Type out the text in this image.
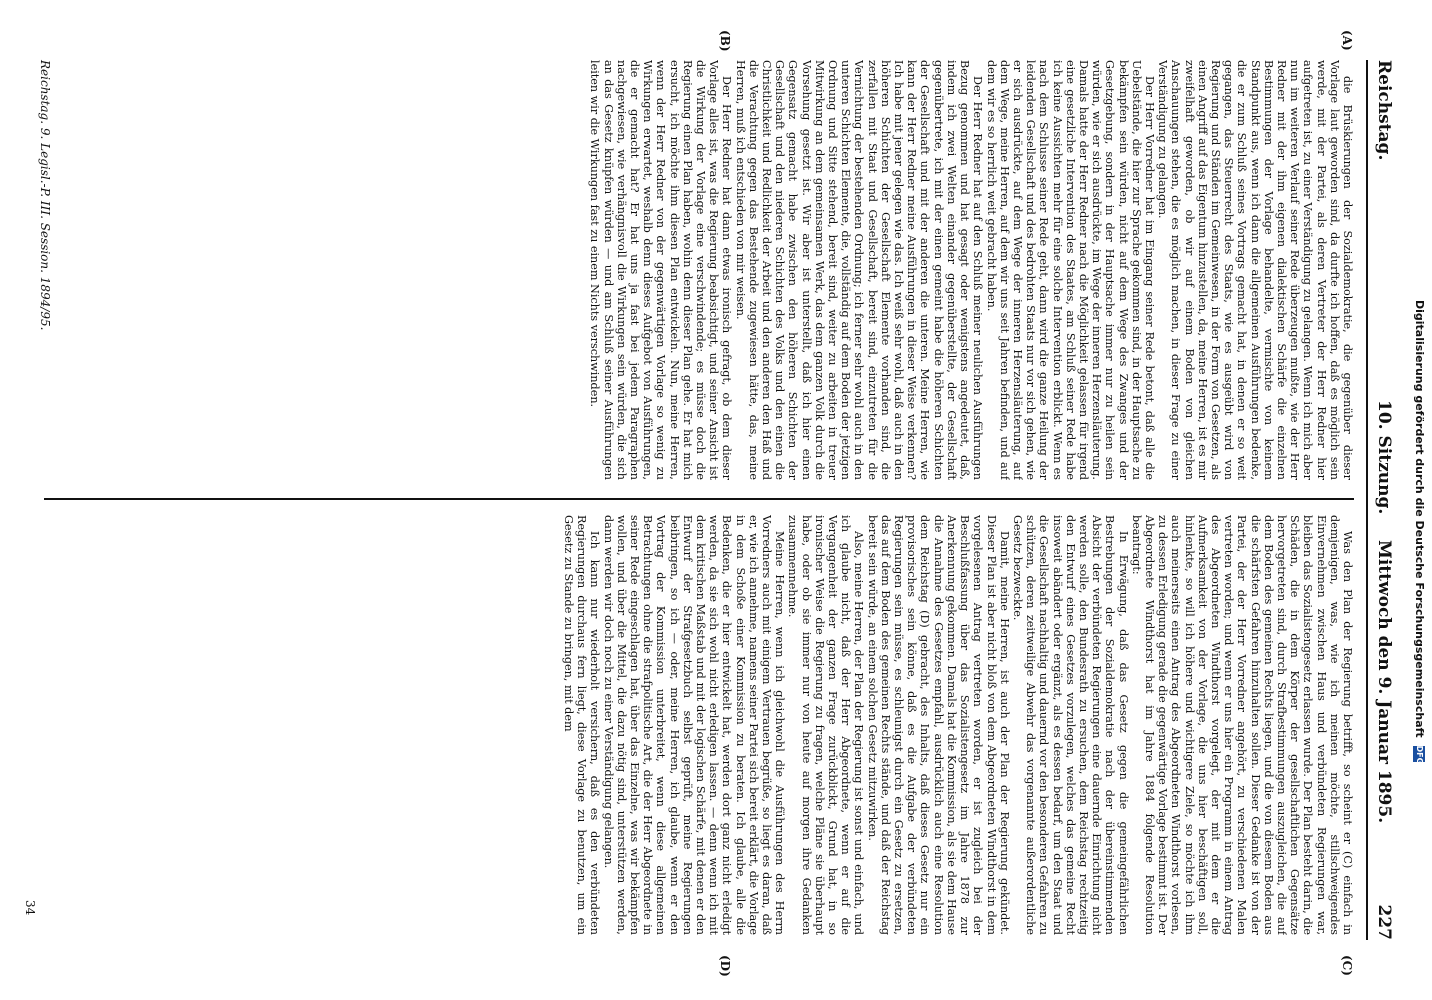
Reichstag.
10. Sitzung.
Mittwoch den 9. Januar 1895.
227
(A)
(B)
(C)
(D)

die Brüskierungen der Sozialdemokratie, die gegenüber dieser Vorlage laut geworden sind, da durfte ich hoffen, daß es möglich sein werde, mit der Partei, als deren Vertreter der Herr Redner hier aufgetreten ist, zu einer Verständigung zu gelangen. Wenn ich mich aber nun im weiteren Verlauf seiner Rede überzeugen mußte, wie der Herr Redner mit der ihm eigenen dialektischen Schärfe die einzelnen Bestimmungen der Vorlage behandelte, vermischte von keinem Standpunkt aus, wenn ich dann die allgemeinen Ausführungen bedenke, die er zum Schluß seines Vortrags gemacht hat, in denen er so weit gegangen, das Steuerrecht des Staats, wie es ausgeübt wird von Regierung und Ständen im Gemeinwesen, in der Form von Gesetzen, als einen Angriff auf das Eigentum hinzustellen, da, meine Herren, ist es mir zweifelhaft geworden, ob wir auf einem Boden von gleichen Anschauungen stehen, die es möglich machen, in dieser Frage zu einer Verständigung zu gelangen.

Der Herr Vorredner hat im Eingang seiner Rede betont, daß alle die Uebelstände, die hier zur Sprache gekommen sind, in der Hauptsache zu bekämpfen sein würden, nicht auf dem Wege des Zwanges und der Gesetzgebung, sondern in der Hauptsache immer nur zu heilen sein würden, wie er sich ausdrückte, im Wege der inneren Herzensläuterung. Damals hatte der Herr Redner nach die Möglichkeit gelassen für irgend eine gesetzliche Intervention des Staates, am Schluß seiner Rede habe ich keine Aussichten mehr für eine solche Intervention erblickt. Wenn es nach dem Schlusse seiner Rede geht, dann wird die ganze Heilung der leidenden Gesellschaft und des bedrohten Staats nur vor sich gehen, wie er sich ausdrückte, auf dem Wege der inneren Herzensläuterung, auf dem Wege, meine Herren, auf dem wir uns seit Jahren befinden, und auf dem wir es so herrlich weit gebracht haben.

Der Herr Redner hat auf den Schluß meiner neulichen Ausführungen Bezug genommen und hat gesagt oder wenigstens angedeutet, daß, indem ich zwei Welten einander gegenüberstellte, der Gesellschaft gegenübertrete, ich mit der einen gemeint habe die höheren Schichten der Gesellschaft und mit der anderen die unteren. Meine Herren, wie kann der Herr Redner meine Ausführungen in dieser Weise verkennen? Ich habe mit jener gelegen wie das. Ich weiß sehr wohl, daß auch in den höheren Schichten der Gesellschaft Elemente vorhanden sind, die zerfallen mit Staat und Gesellschaft, bereit sind, einzutreten für die Vernichtung der bestehenden Ordnung; ich ferner sehr wohl auch in den unteren Schichten Elemente, die, vollständig auf dem Boden der jetzigen Ordnung und Sitte stehend, bereit sind, weiter zu arbeiten in treuer Mitwirkung an dem gemeinsamen Werk, das dem ganzen Volk durch die Vorsehung gesetzt ist. Wir aber ist unterstellt, daß ich hier einen Gegensatz gemacht habe zwischen den höheren Schichten der Gesellschaft und den niederen Schichten des Volks und den einen die Christlichkeit und Redlichkeit der Arbeit und den anderen den Haß und die Verachtung gegen das Bestehende zugewiesen hätte, das, meine Herren, muß ich entschieden von mir weisen.

Der Herr Redner hat dann etwas ironisch gefragt, ob dem dieser Vorlage alles ist, was die Regierung beabsichtigt, und seiner Ansicht ist die Wirkung der Vorlage eine verschwindende; es müsse doch die Regierung einen Plan haben, wohin denn dieser Plan gehe. Er hat mich ersucht, ich möchte ihm diesen Plan entwickeln. Nun, meine Herren, wenn der Herr Redner von der gegenwärtigen Vorlage so wenig zu Wirkungen erwartet, weshalb denn dieses Aufgebot von Ausführungen, die er gemacht hat? Er hat uns ja fast bei jedem Paragraphen nachgewiesen, wie verhängnisvoll die Wirkungen sein würden, die sich an das Gesetz knüpfen würden — und am Schluß seiner Ausführungen leiten wir die Wirkungen fast zu einem Nichts verschwinden.

Was den Plan der Regierung betrifft, so scheint er (C) einfach in demjenigen, was, wie ich meinen möchte, stillschweigendes Einvernehmen zwischen Haus und verbündeten Regierungen war, bleiben das Sozialistengesetz erlassen wurde. Der Plan besteht darin, die Schäden, die in dem Körper der gesellschaftlichen Gegensätze hervorgetreten sind, durch Strafbestimmungen auszugleichen, die auf dem Boden des gemeinen Rechts liegen, und die von diesem Boden aus die schärfsten Gefahren hinzuhalten sollen. Dieser Gedanke ist von der Partei, der der Herr Vorredner angehört, zu verschiedenen Malen vertreten worden; und wenn er uns hier ein Programm in einem Antrag des Abgeordneten Windthorst vorgelegt, der mit dem er die Aufmerksamkeit von der Vorlage, die uns hier beschäftigen soll, hinlenkte, so will ich höhere und wichtigere Ziele, so möchte ich ihm auch meinerseits einen Antrag des Abgeordneten Windthorst vorlesen, zu dessen Erledigung gerade die gegenwärtige Vorlage bestimmt ist. Der Abgeordnete Windthorst hat im Jahre 1884 folgende Resolution beantragt:

In Erwägung, daß das Gesetz gegen die gemeingefährlichen Bestrebungen der Sozialdemokratie nach der übereinstimmenden Absicht der verbündeten Regierungen eine dauernde Einrichtung nicht werden solle, den Bundesrath zu ersuchen, dem Reichstag rechtzeitig den Entwurf eines Gesetzes vorzulegen, welches das gemeine Recht insoweit abändert oder ergänzt, als es dessen bedarf, um den Staat und die Gesellschaft nachhaltig und dauernd vor den besonderen Gefahren zu schützen, deren zeitweilige Abwehr das vorgenannte außerordentliche Gesetz bezweckte.

Damit, meine Herren, ist auch der Plan der Regierung gekündet. Dieser Plan ist aber nicht bloß von dem Abgeordneten Windthorst in dem vorgelesenen Antrag vertreten worden, er ist zugleich bei der Beschlußfassung über das Sozialistengesetz im Jahre 1878 zur Anerkennung gekommen. Damals hat die Kommission, als sie dem Hause die Annahme des Gesetzes empfahl, ausdrücklich auch eine Resolution dem Reichstag (D) gebracht, des Inhalts, daß dieses Gesetz nur ein provisorisches sein könne, daß es die Aufgabe der verbündeten Regierungen sein müsse, es schleunigst durch ein Gesetz zu ersetzen, das auf dem Boden des gemeinen Rechts stände, und daß der Reichstag bereit sein würde, an einem solchen Gesetz mitzuwirken.

Also, meine Herren, der Plan der Regierung ist sonst und einfach, und ich glaube nicht, daß der Herr Abgeordnete, wenn er auf die Vergangenheit der ganzen Frage zurückblickt, Grund hat, in so ironischer Weise die Regierung zu fragen, welche Pläne sie überhaupt habe, oder ob sie immer nur von heute auf morgen ihre Gedanken zusammennehme.

Meine Herren, wenn ich gleichwohl die Ausführungen des Herrn Vorredners auch mit einigem Vertrauen begrüße, so liegt es daran, daß er, wie ich annehme, namens seiner Partei sich bereit erklärt, die Vorlage in dem Schoße einer Kommission zu beraten. Ich glaube, alle die Bedenken, die er hier entwickelt hat, werden dort ganz nicht erledigt werden, da sie sich wohl nicht erledigen lassen. — denn wenn ich mit dem kritischen Maßstab und mit der logischen Schärfe, mit denen er den Entwurf der Strafgesetzbuch selbst geprüft, meine Regierungen beibringen, so ich — oder, meine Herren, ich glaube, wenn er den Vortrag der Kommission unterbreitet, wenn diese allgemeinen Betrachtungen ohne die strafpolitische Art, die der Herr Abgeordnete in seiner Rede eingeschlagen hat, über das Einzelne, was wir bekämpfen wollen, und über die Mittel, die dazu nötig sind, unterstützen werden, dann werden wir doch noch zu einer Verständigung gelangen.

Ich kann nur wiederholt versichern, daß es den verbündeten Regierungen durchaus fern liegt, diese Vorlage zu benutzen, um ein Gesetz zu Stande zu bringen, mit dem

Reichstag. 9. Legisl.-P. III. Session. 1894/95.
34
Digitalisierung gefördert durch die Deutsche Forschungsgemeinschaft DFG
